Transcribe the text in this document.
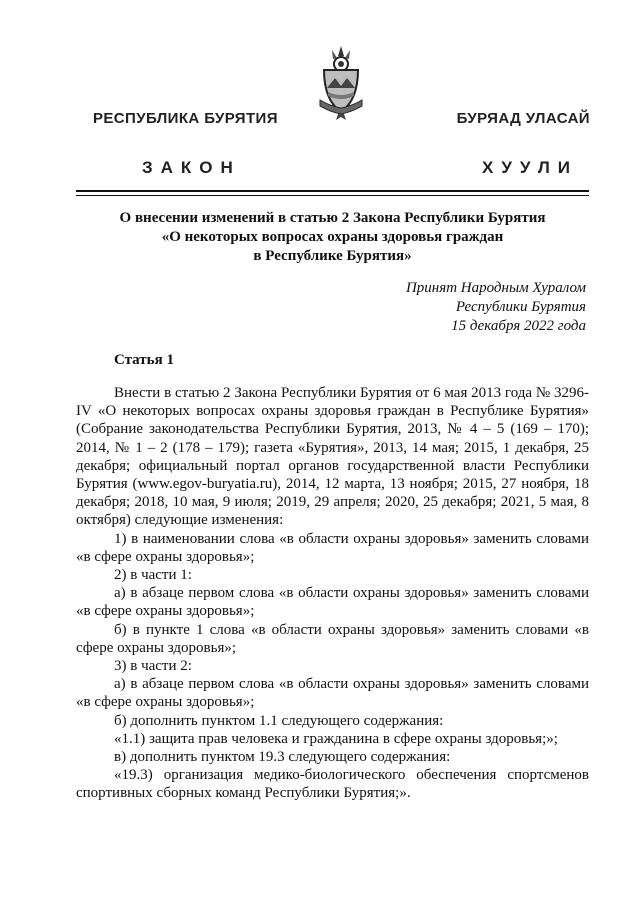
РЕСПУБЛИКА БУРЯТИЯ	БУРЯАД УЛАСАЙ
ЗАКОН	ХУУЛИ
О внесении изменений в статью 2 Закона Республики Бурятия
«О некоторых вопросах охраны здоровья граждан
в Республике Бурятия»
Принят Народным Хуралом
Республики Бурятия
15 декабря 2022 года
Статья 1

Внести в статью 2 Закона Республики Бурятия от 6 мая 2013 года № 3296-IV «О некоторых вопросах охраны здоровья граждан в Республике Бурятия» (Собрание законодательства Республики Бурятия, 2013, № 4 – 5 (169 – 170); 2014, № 1 – 2 (178 – 179); газета «Бурятия», 2013, 14 мая; 2015, 1 декабря, 25 декабря; официальный портал органов государственной власти Республики Бурятия (www.egov-buryatia.ru), 2014, 12 марта, 13 ноября; 2015, 27 ноября, 18 декабря; 2018, 10 мая, 9 июля; 2019, 29 апреля; 2020, 25 декабря; 2021, 5 мая, 8 октября) следующие изменения:

1) в наименовании слова «в области охраны здоровья» заменить словами «в сфере охраны здоровья»;

2) в части 1:

а) в абзаце первом слова «в области охраны здоровья» заменить словами «в сфере охраны здоровья»;

б) в пункте 1 слова «в области охраны здоровья» заменить словами «в сфере охраны здоровья»;

3) в части 2:

а) в абзаце первом слова «в области охраны здоровья» заменить словами «в сфере охраны здоровья»;

б) дополнить пунктом 1.1 следующего содержания:

«1.1) защита прав человека и гражданина в сфере охраны здоровья;»;

в) дополнить пунктом 19.3 следующего содержания:

«19.3) организация медико-биологического обеспечения спортсменов спортивных сборных команд Республики Бурятия;».
